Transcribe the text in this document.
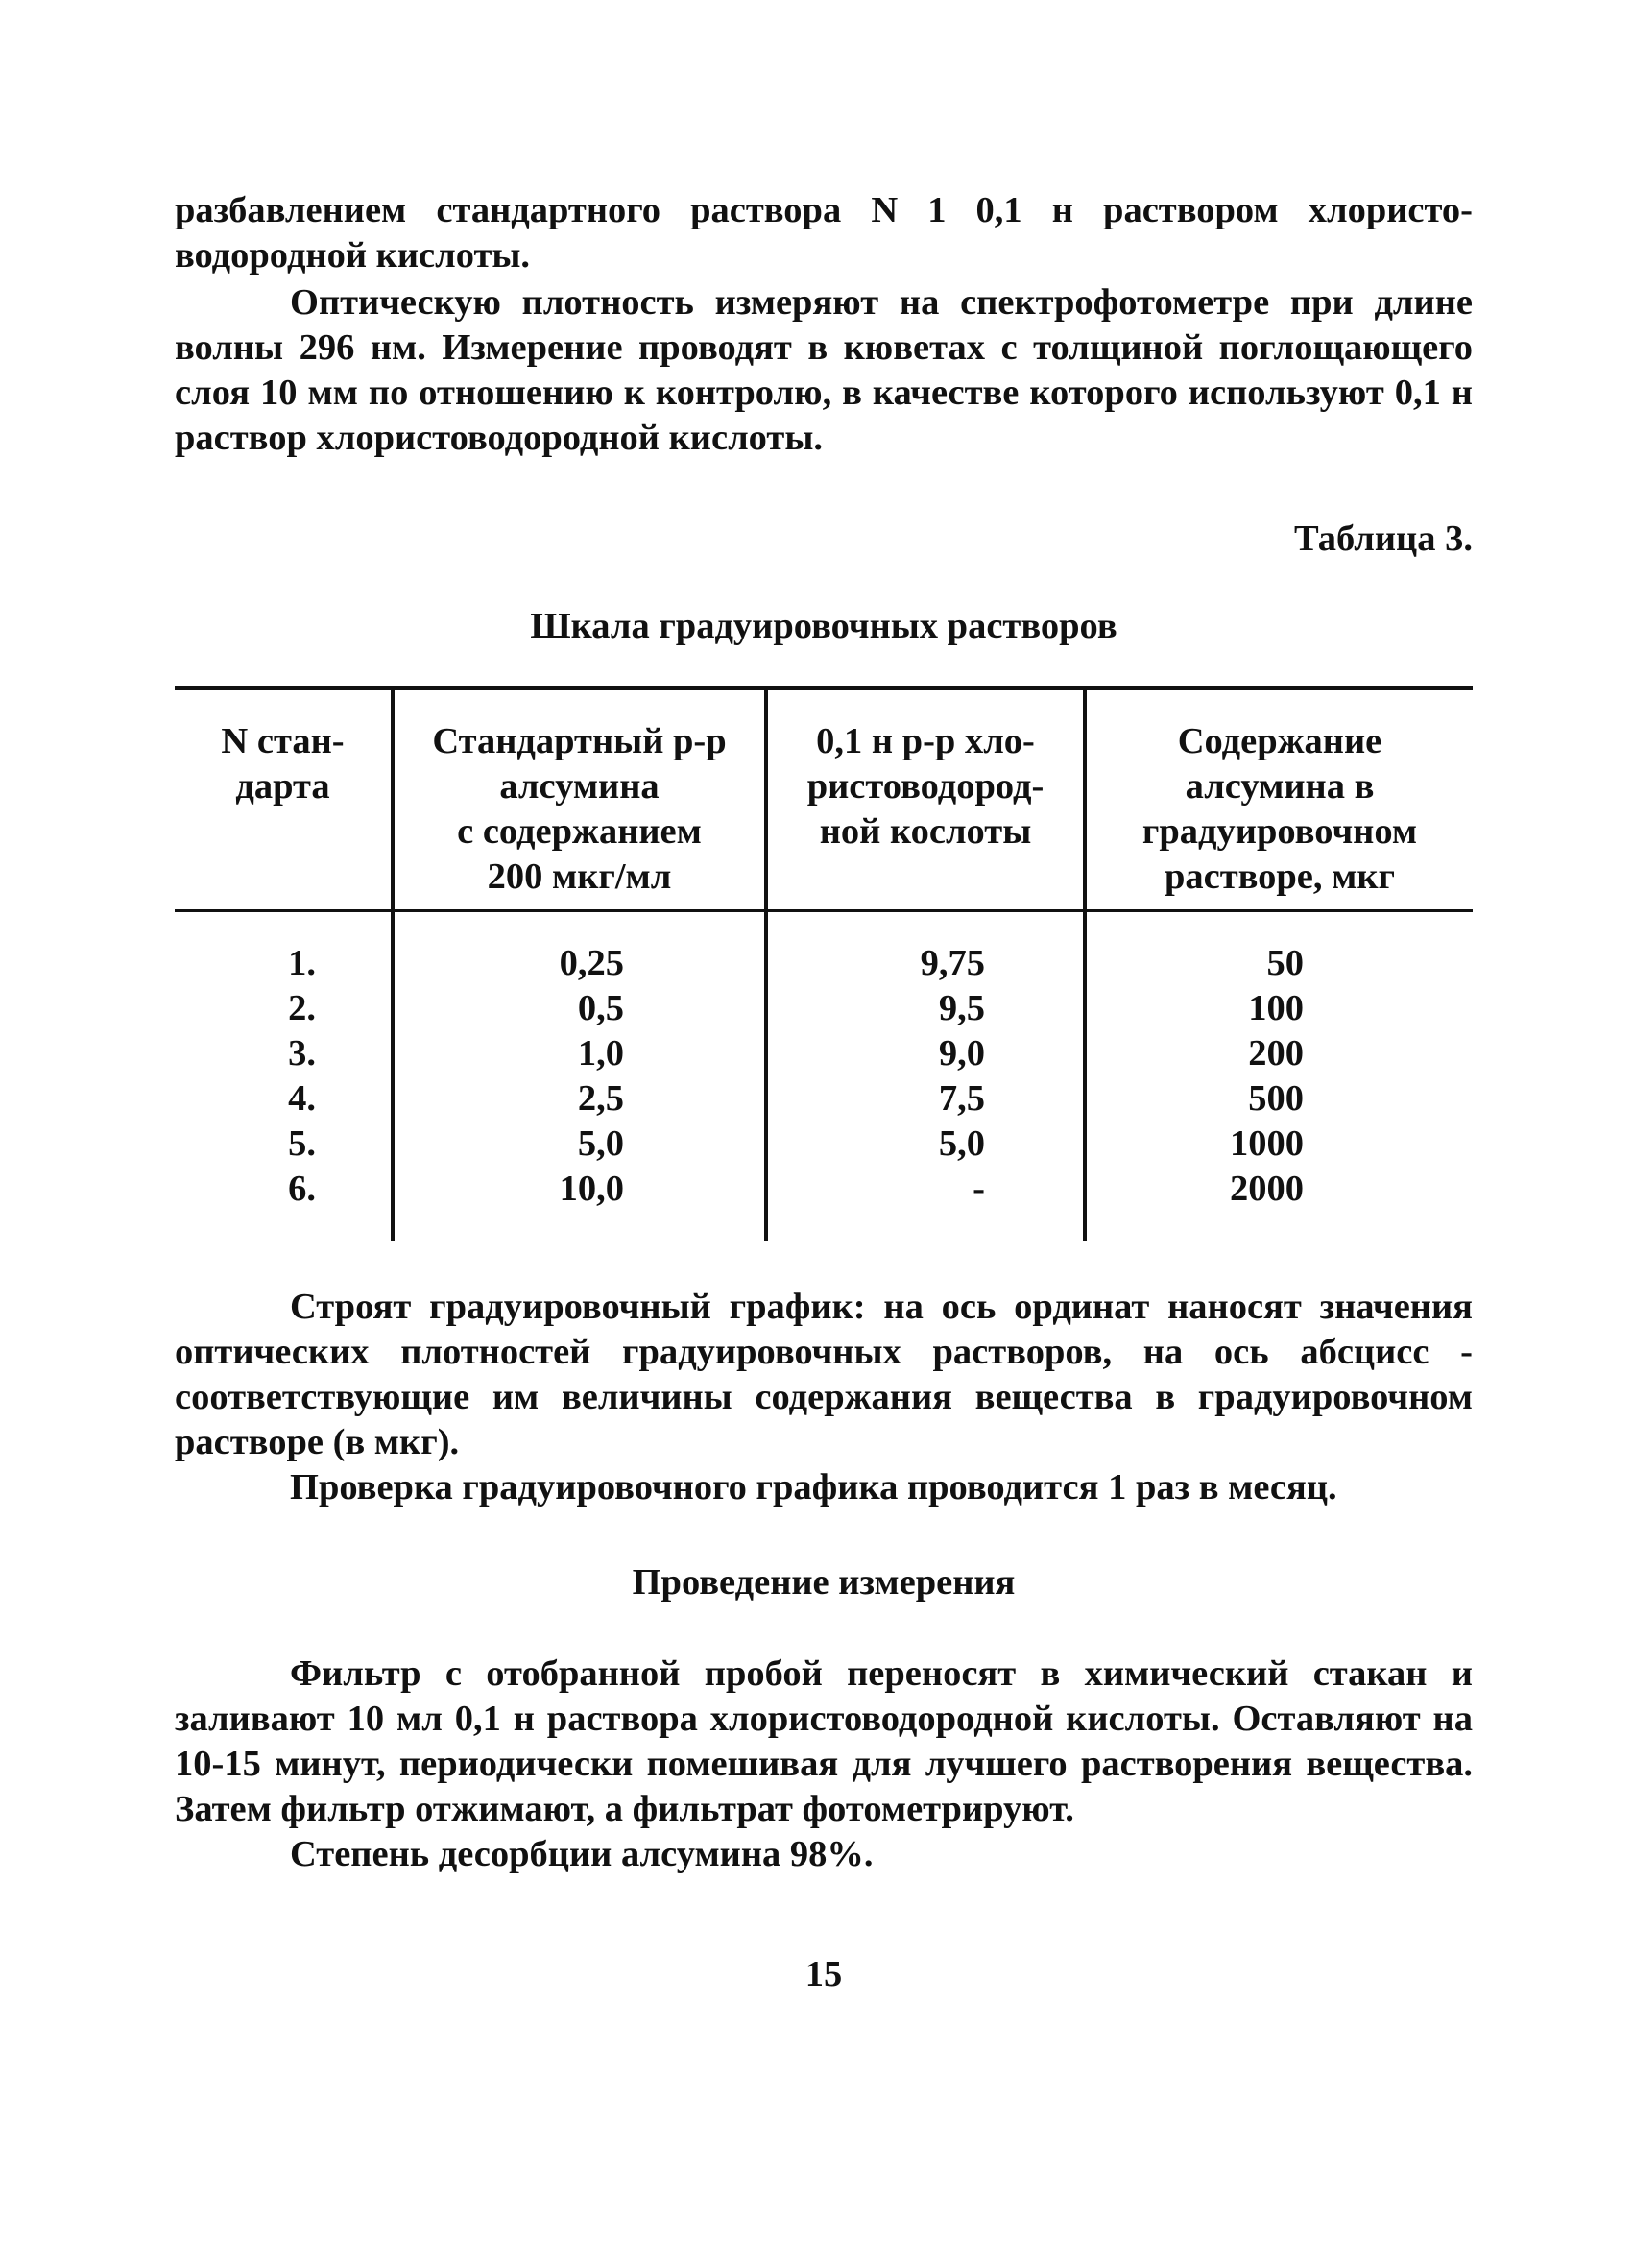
разбавлением стандартного раствора N 1 0,1 н раствором хлористо-водородной кислоты.

Оптическую плотность измеряют на спектрофотометре при длине волны 296 нм. Измерение проводят в кюветах с толщиной поглощающего слоя 10 мм по отношению к контролю, в качестве которого используют 0,1 н раствор хлористоводородной кислоты.

Таблица 3.

Шкала градуировочных растворов

N стан-
дарта
Стандартный р-р
алсумина
с содержанием
200 мкг/мл
0,1 н р-р хло-
ристоводород-
ной кослоты
Содержание
алсумина в
градуировочном
растворе, мкг
1.
2.
3.
4.
5.
6.
0,25
0,5
1,0
2,5
5,0
10,0
9,75
9,5
9,0
7,5
5,0
-
50
100
200
500
1000
2000

Строят градуировочный график: на ось ординат наносят значения оптических плотностей градуировочных растворов, на ось абсцисс - соответствующие им величины содержания вещества в градуировочном растворе (в мкг).

Проверка градуировочного графика проводится 1 раз в месяц.

Проведение измерения

Фильтр с отобранной пробой переносят в химический стакан и заливают 10 мл 0,1 н раствора хлористоводородной кислоты. Оставляют на 10-15 минут, периодически помешивая для лучшего растворения вещества. Затем фильтр отжимают, а фильтрат фотометрируют.

Степень десорбции алсумина 98%.

15
